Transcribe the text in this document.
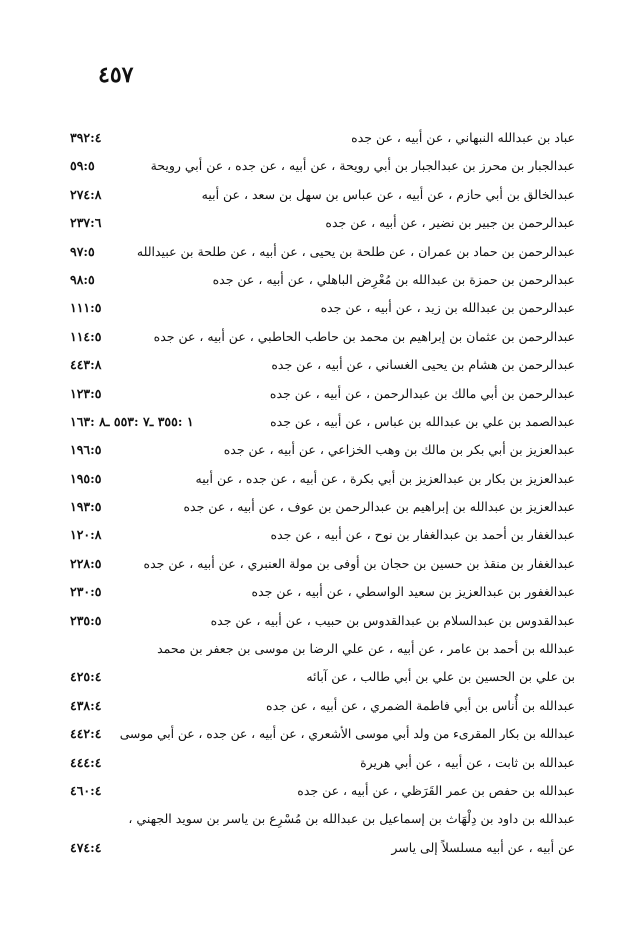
٤٥٧
عباد بن عبدالله النبهاني ، عن أبيه ، عن جده
٣٩٢:٤
عبدالجبار بن محرز بن عبدالجبار بن أبي رويحة ، عن أبيه ، عن جده ، عن أبي رويحة
٥٩:٥
عبدالخالق بن أبي حازم ، عن أبيه ، عن عباس بن سهل بن سعد ، عن أبيه
٢٧٤:٨
عبدالرحمن بن جبير بن نضير ، عن أبيه ، عن جده
٢٣٧:٦
عبدالرحمن بن حماد بن عمران ، عن طلحة بن يحيى ، عن أبيه ، عن طلحة بن عبيدالله
٩٧:٥
عبدالرحمن بن حمزة بن عبدالله بن مُعْرِض الباهلي ، عن أبيه ، عن جده
٩٨:٥
عبدالرحمن بن عبدالله بن زيد ، عن أبيه ، عن جده
١١١:٥
عبدالرحمن بن عثمان بن إبراهيم بن محمد بن حاطب الحاطبي ، عن أبيه ، عن جده
١١٤:٥
عبدالرحمن بن هشام بن يحيى الغساني ، عن أبيه ، عن جده
٤٤٣:٨
عبدالرحمن بن أبي مالك بن عبدالرحمن ، عن أبيه ، عن جده
١٢٣:٥
عبدالصمد بن علي بن عبدالله بن عباس ، عن أبيه ، عن جده
١ :٣٥٥ ـ٧ :٥٥٣ ـ٨ :١٦٣
عبدالعزيز بن أبي بكر بن مالك بن وهب الخزاعي ، عن أبيه ، عن جده
١٩٦:٥
عبدالعزيز بن بكار بن عبدالعزيز بن أبي بكرة ، عن أبيه ، عن جده ، عن أبيه
١٩٥:٥
عبدالعزيز بن عبدالله بن إبراهيم بن عبدالرحمن بن عوف ، عن أبيه ، عن جده
١٩٣:٥
عبدالغفار بن أحمد بن عبدالغفار بن نوح ، عن أبيه ، عن جده
١٢٠:٨
عبدالغفار بن منقذ بن حسين بن حجان بن أوفى بن مولة العنبري ، عن أبيه ، عن جده
٢٢٨:٥
عبدالغفور بن عبدالعزيز بن سعيد الواسطي ، عن أبيه ، عن جده
٢٣٠:٥
عبدالقدوس بن عبدالسلام بن عبدالقدوس بن حبيب ، عن أبيه ، عن جده
٢٣٥:٥
عبدالله بن أحمد بن عامر ، عن أبيه ، عن علي الرضا بن موسى بن جعفر بن محمد
بن علي بن الحسين بن علي بن أبي طالب ، عن آبائه
٤٢٥:٤
عبدالله بن أُناس بن أبي فاطمة الضمري ، عن أبيه ، عن جده
٤٣٨:٤
عبدالله بن بكار المقرىء من ولد أبي موسى الأشعري ، عن أبيه ، عن جده ، عن أبي موسى
٤٤٢:٤
عبدالله بن ثابت ، عن أبيه ، عن أبي هريرة
٤٤٤:٤
عبدالله بن حفص بن عمر القَرَظي ، عن أبيه ، عن جده
٤٦٠:٤
عبدالله بن داود بن دِلْهَاث بن إسماعيل بن عبدالله بن مُسْرِع بن ياسر بن سويد الجهني ،
عن أبيه ، عن أبيه مسلسلاً إلى ياسر
٤٧٤:٤
